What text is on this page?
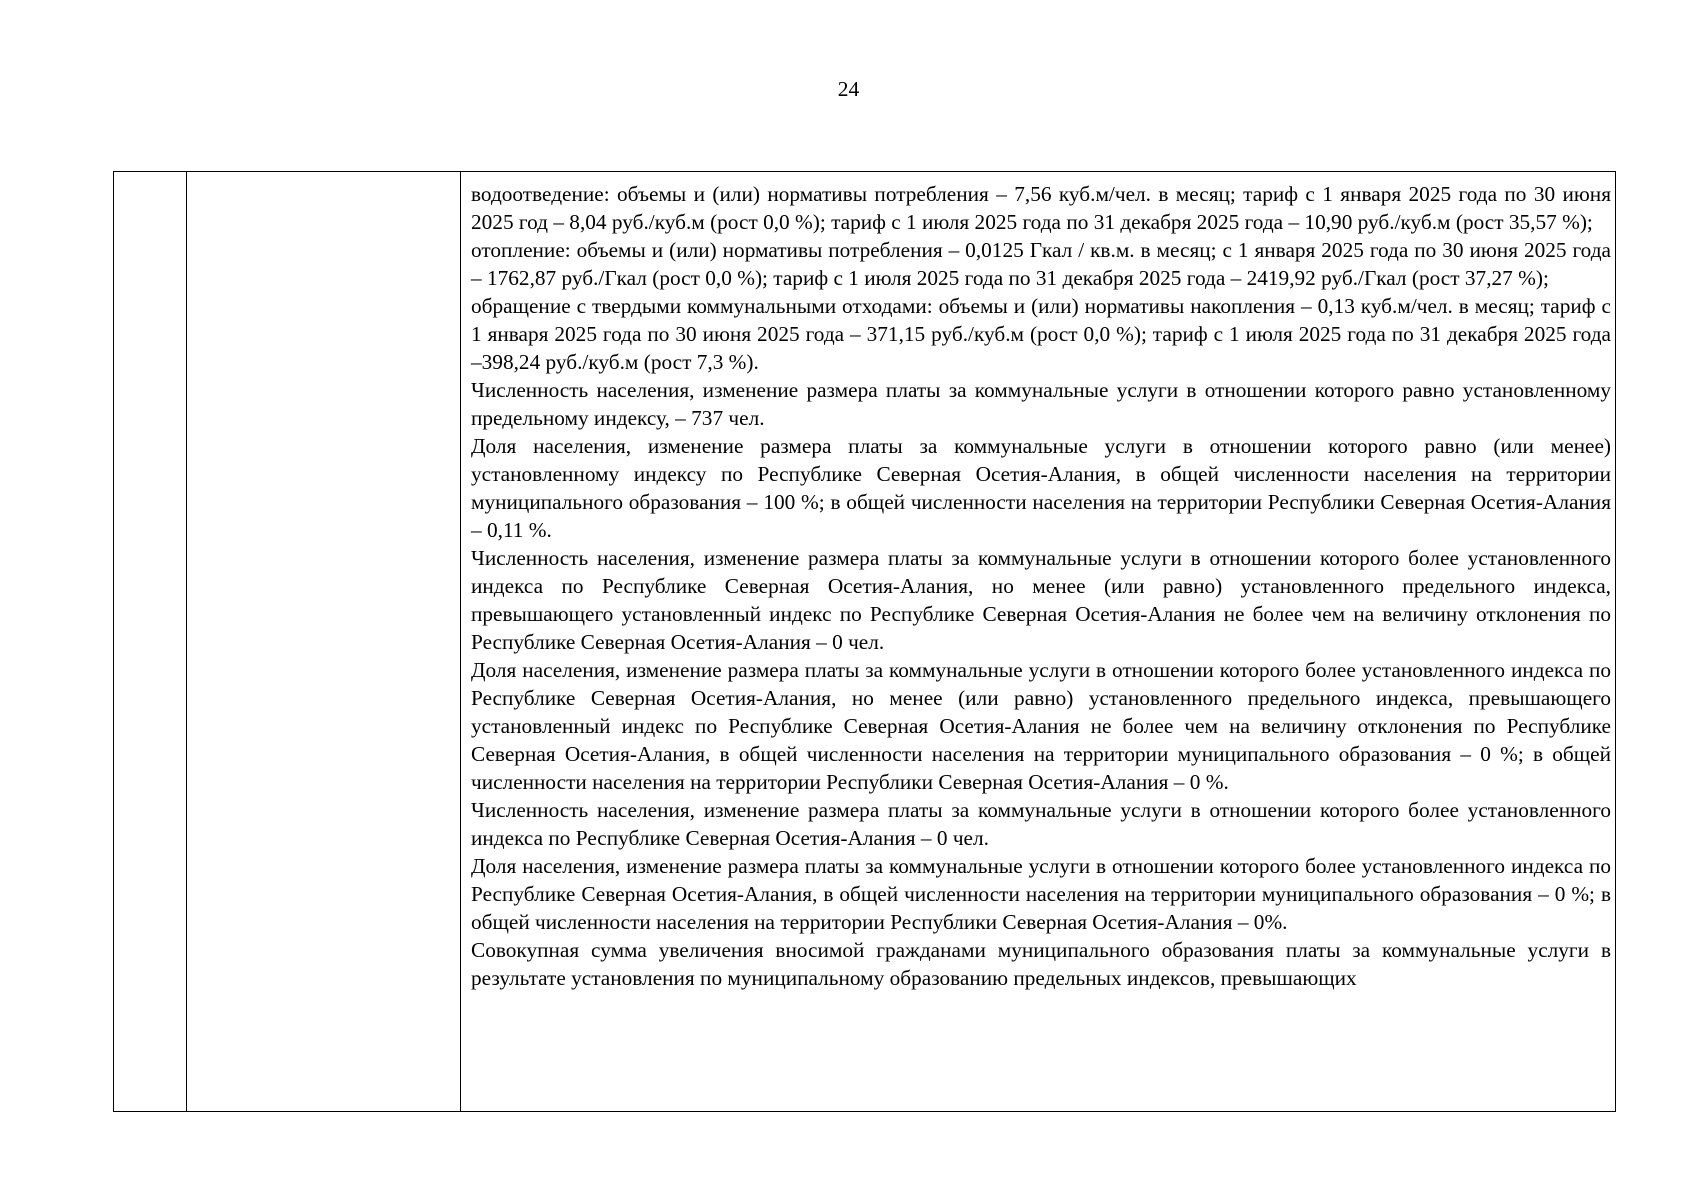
24

водоотведение: объемы и (или) нормативы потребления – 7,56 куб.м/чел. в месяц; тариф с 1 января 2025 года по 30 июня 2025 год – 8,04 руб./куб.м (рост 0,0 %); тариф с 1 июля 2025 года по 31 декабря 2025 года – 10,90 руб./куб.м (рост 35,57 %);

отопление: объемы и (или) нормативы потребления – 0,0125 Гкал / кв.м. в месяц; с 1 января 2025 года по 30 июня 2025 года – 1762,87 руб./Гкал (рост 0,0 %); тариф с 1 июля 2025 года по 31 декабря 2025 года – 2419,92 руб./Гкал (рост 37,27 %);

обращение с твердыми коммунальными отходами: объемы и (или) нормативы накопления – 0,13 куб.м/чел. в месяц; тариф с 1 января 2025 года по 30 июня 2025 года – 371,15 руб./куб.м (рост 0,0 %); тариф с 1 июля 2025 года по 31 декабря 2025 года –398,24 руб./куб.м (рост 7,3 %).

Численность населения, изменение размера платы за коммунальные услуги в отношении которого равно установленному предельному индексу, – 737 чел.

Доля населения, изменение размера платы за коммунальные услуги в отношении которого равно (или менее) установленному индексу по Республике Северная Осетия-Алания, в общей численности населения на территории муниципального образования – 100 %; в общей численности населения на территории Республики Северная Осетия-Алания – 0,11 %.

Численность населения, изменение размера платы за коммунальные услуги в отношении которого более установленного индекса по Республике Северная Осетия-Алания, но менее (или равно) установленного предельного индекса, превышающего установленный индекс по Республике Северная Осетия-Алания не более чем на величину отклонения по Республике Северная Осетия-Алания – 0 чел.

Доля населения, изменение размера платы за коммунальные услуги в отношении которого более установленного индекса по Республике Северная Осетия-Алания, но менее (или равно) установленного предельного индекса, превышающего установленный индекс по Республике Северная Осетия-Алания не более чем на величину отклонения по Республике Северная Осетия-Алания, в общей численности населения на территории муниципального образования – 0 %; в общей численности населения на территории Республики Северная Осетия-Алания – 0 %.

Численность населения, изменение размера платы за коммунальные услуги в отношении которого более установленного индекса по Республике Северная Осетия-Алания – 0 чел.

Доля населения, изменение размера платы за коммунальные услуги в отношении которого более установленного индекса по Республике Северная Осетия-Алания, в общей численности населения на территории муниципального образования – 0 %; в общей численности населения на территории Республики Северная Осетия-Алания – 0%.

Совокупная сумма увеличения вносимой гражданами муниципального образования платы за коммунальные услуги в результате установления по муниципальному образованию предельных индексов, превышающих
